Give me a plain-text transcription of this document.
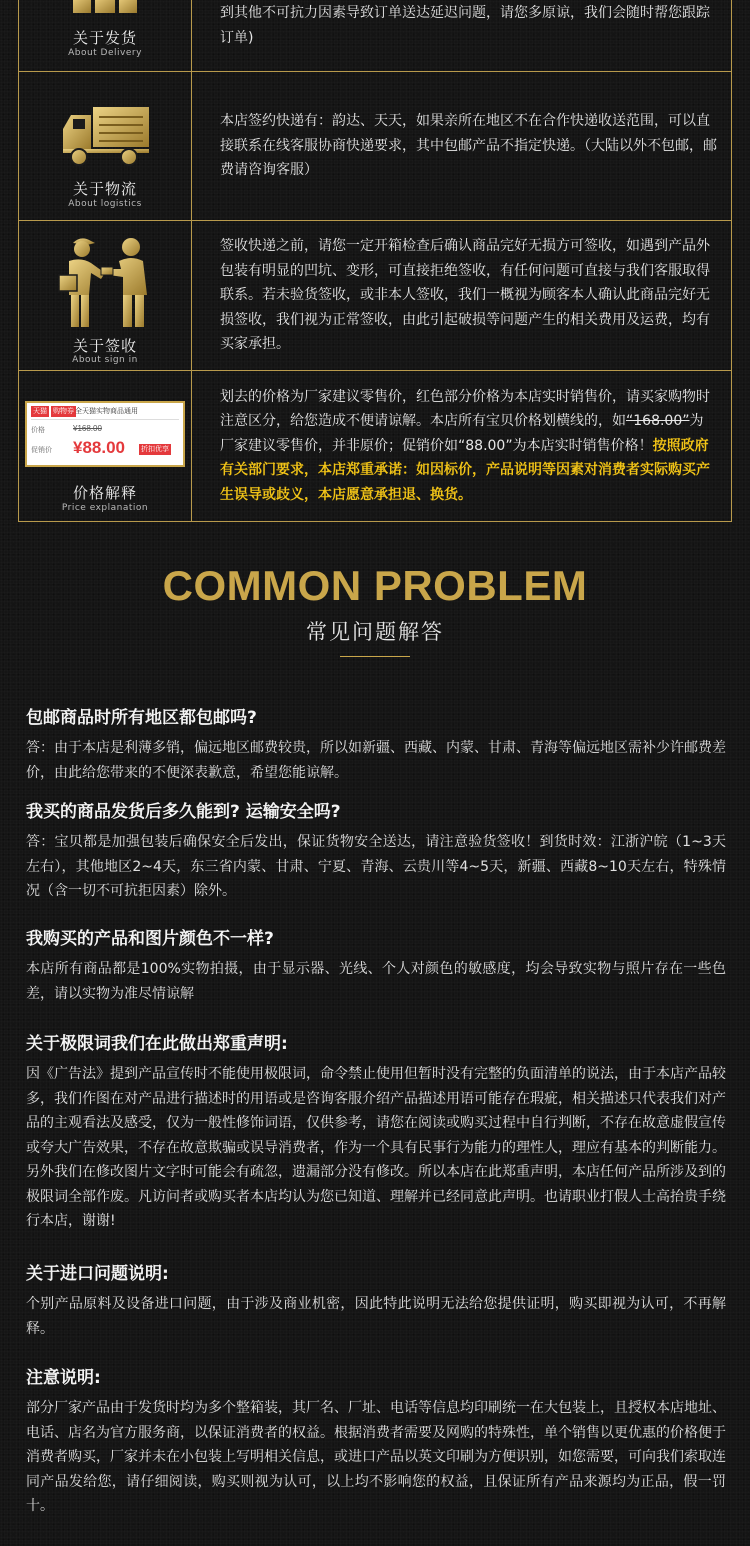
关于发货
About Delivery
到其他不可抗力因素导致订单送达延迟问题，请您多原谅，我们会随时帮您跟踪订单)
关于物流
About logistics
本店签约快递有：韵达、天天，如果亲所在地区不在合作快递收送范围，可以直接联系在线客服协商快递要求，其中包邮产品不指定快递。（大陆以外不包邮，邮费请咨询客服）
关于签收
About sign in
签收快递之前，请您一定开箱检查后确认商品完好无损方可签收，如遇到产品外包装有明显的凹坑、变形，可直接拒绝签收，有任何问题可直接与我们客服取得联系。若未验货签收，或非本人签收，我们一概视为顾客本人确认此商品完好无损签收，我们视为正常签收，由此引起破损等问题产生的相关费用及运费，均有买家承担。
天猫 购物券 全天猫实物商品通用
价格	¥168.00
促销价 ¥88.00 折扣优享
价格解释
Price explanation
划去的价格为厂家建议零售价，红色部分价格为本店实时销售价，请买家购物时注意区分，给您造成不便请谅解。本店所有宝贝价格划横线的，如“168.00”为厂家建议零售价，并非原价；促销价如“88.00”为本店实时销售价格！按照政府有关部门要求，本店郑重承诺：如因标价，产品说明等因素对消费者实际购买产生误导或歧义，本店愿意承担退、换货。
COMMON PROBLEM
常见问题解答

包邮商品时所有地区都包邮吗?

答：由于本店是利薄多销，偏远地区邮费较贵，所以如新疆、西藏、内蒙、甘肃、青海等偏远地区需补少许邮费差价，由此给您带来的不便深表歉意，希望您能谅解。

我买的商品发货后多久能到? 运输安全吗?

答：宝贝都是加强包装后确保安全后发出，保证货物安全送达，请注意验货签收！到货时效：江浙沪皖（1~3天左右），其他地区2~4天，东三省内蒙、甘肃、宁夏、青海、云贵川等4~5天，新疆、西藏8~10天左右，特殊情况（含一切不可抗拒因素）除外。

我购买的产品和图片颜色不一样?

本店所有商品都是100%实物拍摄，由于显示器、光线、个人对颜色的敏感度，均会导致实物与照片存在一些色差，请以实物为准尽情谅解

关于极限词我们在此做出郑重声明:

因《广告法》提到产品宣传时不能使用极限词，命令禁止使用但暂时没有完整的负面清单的说法，由于本店产品较多，我们作图在对产品进行描述时的用语或是咨询客服介绍产品描述用语可能存在瑕疵，相关描述只代表我们对产品的主观看法及感受，仅为一般性修饰词语，仅供参考，请您在阅读或购买过程中自行判断，不存在故意虚假宣传或夸大广告效果，不存在故意欺骗或误导消费者，作为一个具有民事行为能力的理性人，理应有基本的判断能力。另外我们在修改图片文字时可能会有疏忽，遗漏部分没有修改。所以本店在此郑重声明，本店任何产品所涉及到的极限词全部作废。凡访问者或购买者本店均认为您已知道、理解并已经同意此声明。也请职业打假人士高抬贵手绕行本店，谢谢!

关于进口问题说明:

个别产品原料及设备进口问题，由于涉及商业机密，因此特此说明无法给您提供证明，购买即视为认可，不再解释。

注意说明:

部分厂家产品由于发货时均为多个整箱装，其厂名、厂址、电话等信息均印刷统一在大包装上，且授权本店地址、电话、店名为官方服务商，以保证消费者的权益。根据消费者需要及网购的特殊性，单个销售以更优惠的价格便于消费者购买，厂家并未在小包装上写明相关信息，或进口产品以英文印刷为方便识别，如您需要，可向我们索取连同产品发给您，请仔细阅读，购买则视为认可，以上均不影响您的权益，且保证所有产品来源均为正品，假一罚十。
